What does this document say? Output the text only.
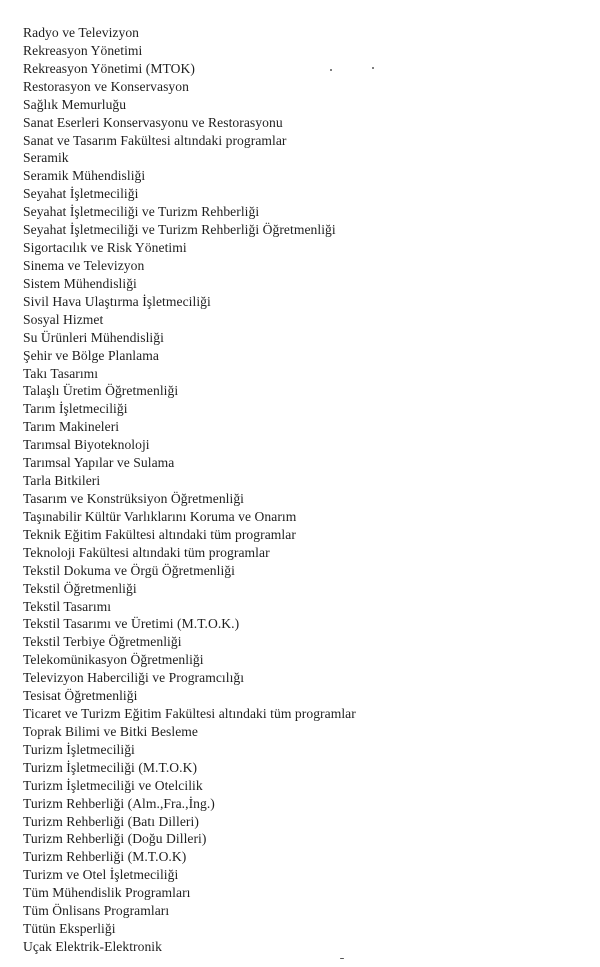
Radyo ve Televizyon
Rekreasyon Yönetimi
Rekreasyon Yönetimi (MTOK)
Restorasyon ve Konservasyon
Sağlık Memurluğu
Sanat Eserleri Konservasyonu ve Restorasyonu
Sanat ve Tasarım Fakültesi altındaki programlar
Seramik
Seramik Mühendisliği
Seyahat İşletmeciliği
Seyahat İşletmeciliği ve Turizm Rehberliği
Seyahat İşletmeciliği ve Turizm Rehberliği Öğretmenliği
Sigortacılık ve Risk Yönetimi
Sinema ve Televizyon
Sistem Mühendisliği
Sivil Hava Ulaştırma İşletmeciliği
Sosyal Hizmet
Su Ürünleri Mühendisliği
Şehir ve Bölge Planlama
Takı Tasarımı
Talaşlı Üretim Öğretmenliği
Tarım İşletmeciliği
Tarım Makineleri
Tarımsal Biyoteknoloji
Tarımsal Yapılar ve Sulama
Tarla Bitkileri
Tasarım ve Konstrüksiyon Öğretmenliği
Taşınabilir Kültür Varlıklarını Koruma ve Onarım
Teknik Eğitim Fakültesi altındaki tüm programlar
Teknoloji Fakültesi altındaki tüm programlar
Tekstil Dokuma ve Örgü Öğretmenliği
Tekstil Öğretmenliği
Tekstil Tasarımı
Tekstil Tasarımı ve Üretimi (M.T.O.K.)
Tekstil Terbiye Öğretmenliği
Telekomünikasyon Öğretmenliği
Televizyon Haberciliği ve Programcılığı
Tesisat Öğretmenliği
Ticaret ve Turizm Eğitim Fakültesi altındaki tüm programlar
Toprak Bilimi ve Bitki Besleme
Turizm İşletmeciliği
Turizm İşletmeciliği (M.T.O.K)
Turizm İşletmeciliği ve Otelcilik
Turizm Rehberliği (Alm.,Fra.,İng.)
Turizm Rehberliği (Batı Dilleri)
Turizm Rehberliği (Doğu Dilleri)
Turizm Rehberliği (M.T.O.K)
Turizm ve Otel İşletmeciliği
Tüm Mühendislik Programları
Tüm Önlisans Programları
Tütün Eksperliği
Uçak Elektrik-Elektronik
